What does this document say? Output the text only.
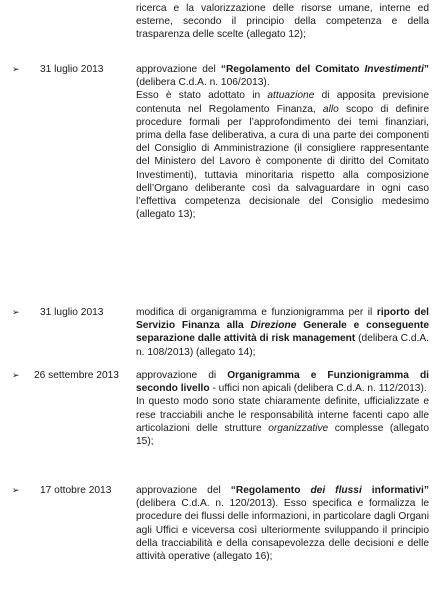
ricerca e la valorizzazione delle risorse umane, interne ed esterne, secondo il principio della competenza e della trasparenza delle scelte (allegato 12);
➢ 31 luglio 2013	approvazione del “Regolamento del Comitato Investimenti” (delibera C.d.A. n. 106/2013).

Esso è stato adottato in attuazione di apposita previsione contenuta nel Regolamento Finanza, allo scopo di definire procedure formali per l’approfondimento dei temi finanziari, prima della fase deliberativa, a cura di una parte dei componenti del Consiglio di Amministrazione (il consigliere rappresentante del Ministero del Lavoro è componente di diritto del Comitato Investimenti), tuttavia minoritaria rispetto alla composizione dell’Organo deliberante così da salvaguardare in ogni caso l’effettiva competenza decisionale del Consiglio medesimo (allegato 13);

➢ 31 luglio 2013	modifica di organigramma e funzionigramma per il riporto del Servizio Finanza alla Direzione Generale e conseguente separazione dalle attività di risk management (delibera C.d.A. n. 108/2013) (allegato 14);

➢ 26 settembre 2013 approvazione di Organigramma e Funzionigramma di secondo livello - uffici non apicali (delibera C.d.A. n. 112/2013).

In questo modo sono state chiaramente definite, ufficializzate e rese tracciabili anche le responsabilità interne facenti capo alle articolazioni delle strutture organizzative complesse (allegato 15);

➢ 17 ottobre 2013 approvazione del “Regolamento dei flussi informativi” (delibera C.d.A. n. 120/2013). Esso specifica e formalizza le procedure dei flussi delle informazioni, in particolare dagli Organi agli Uffici e viceversa così ulteriormente sviluppando il principio della tracciabilità e della consapevolezza delle decisioni e delle attività operative (allegato 16);
